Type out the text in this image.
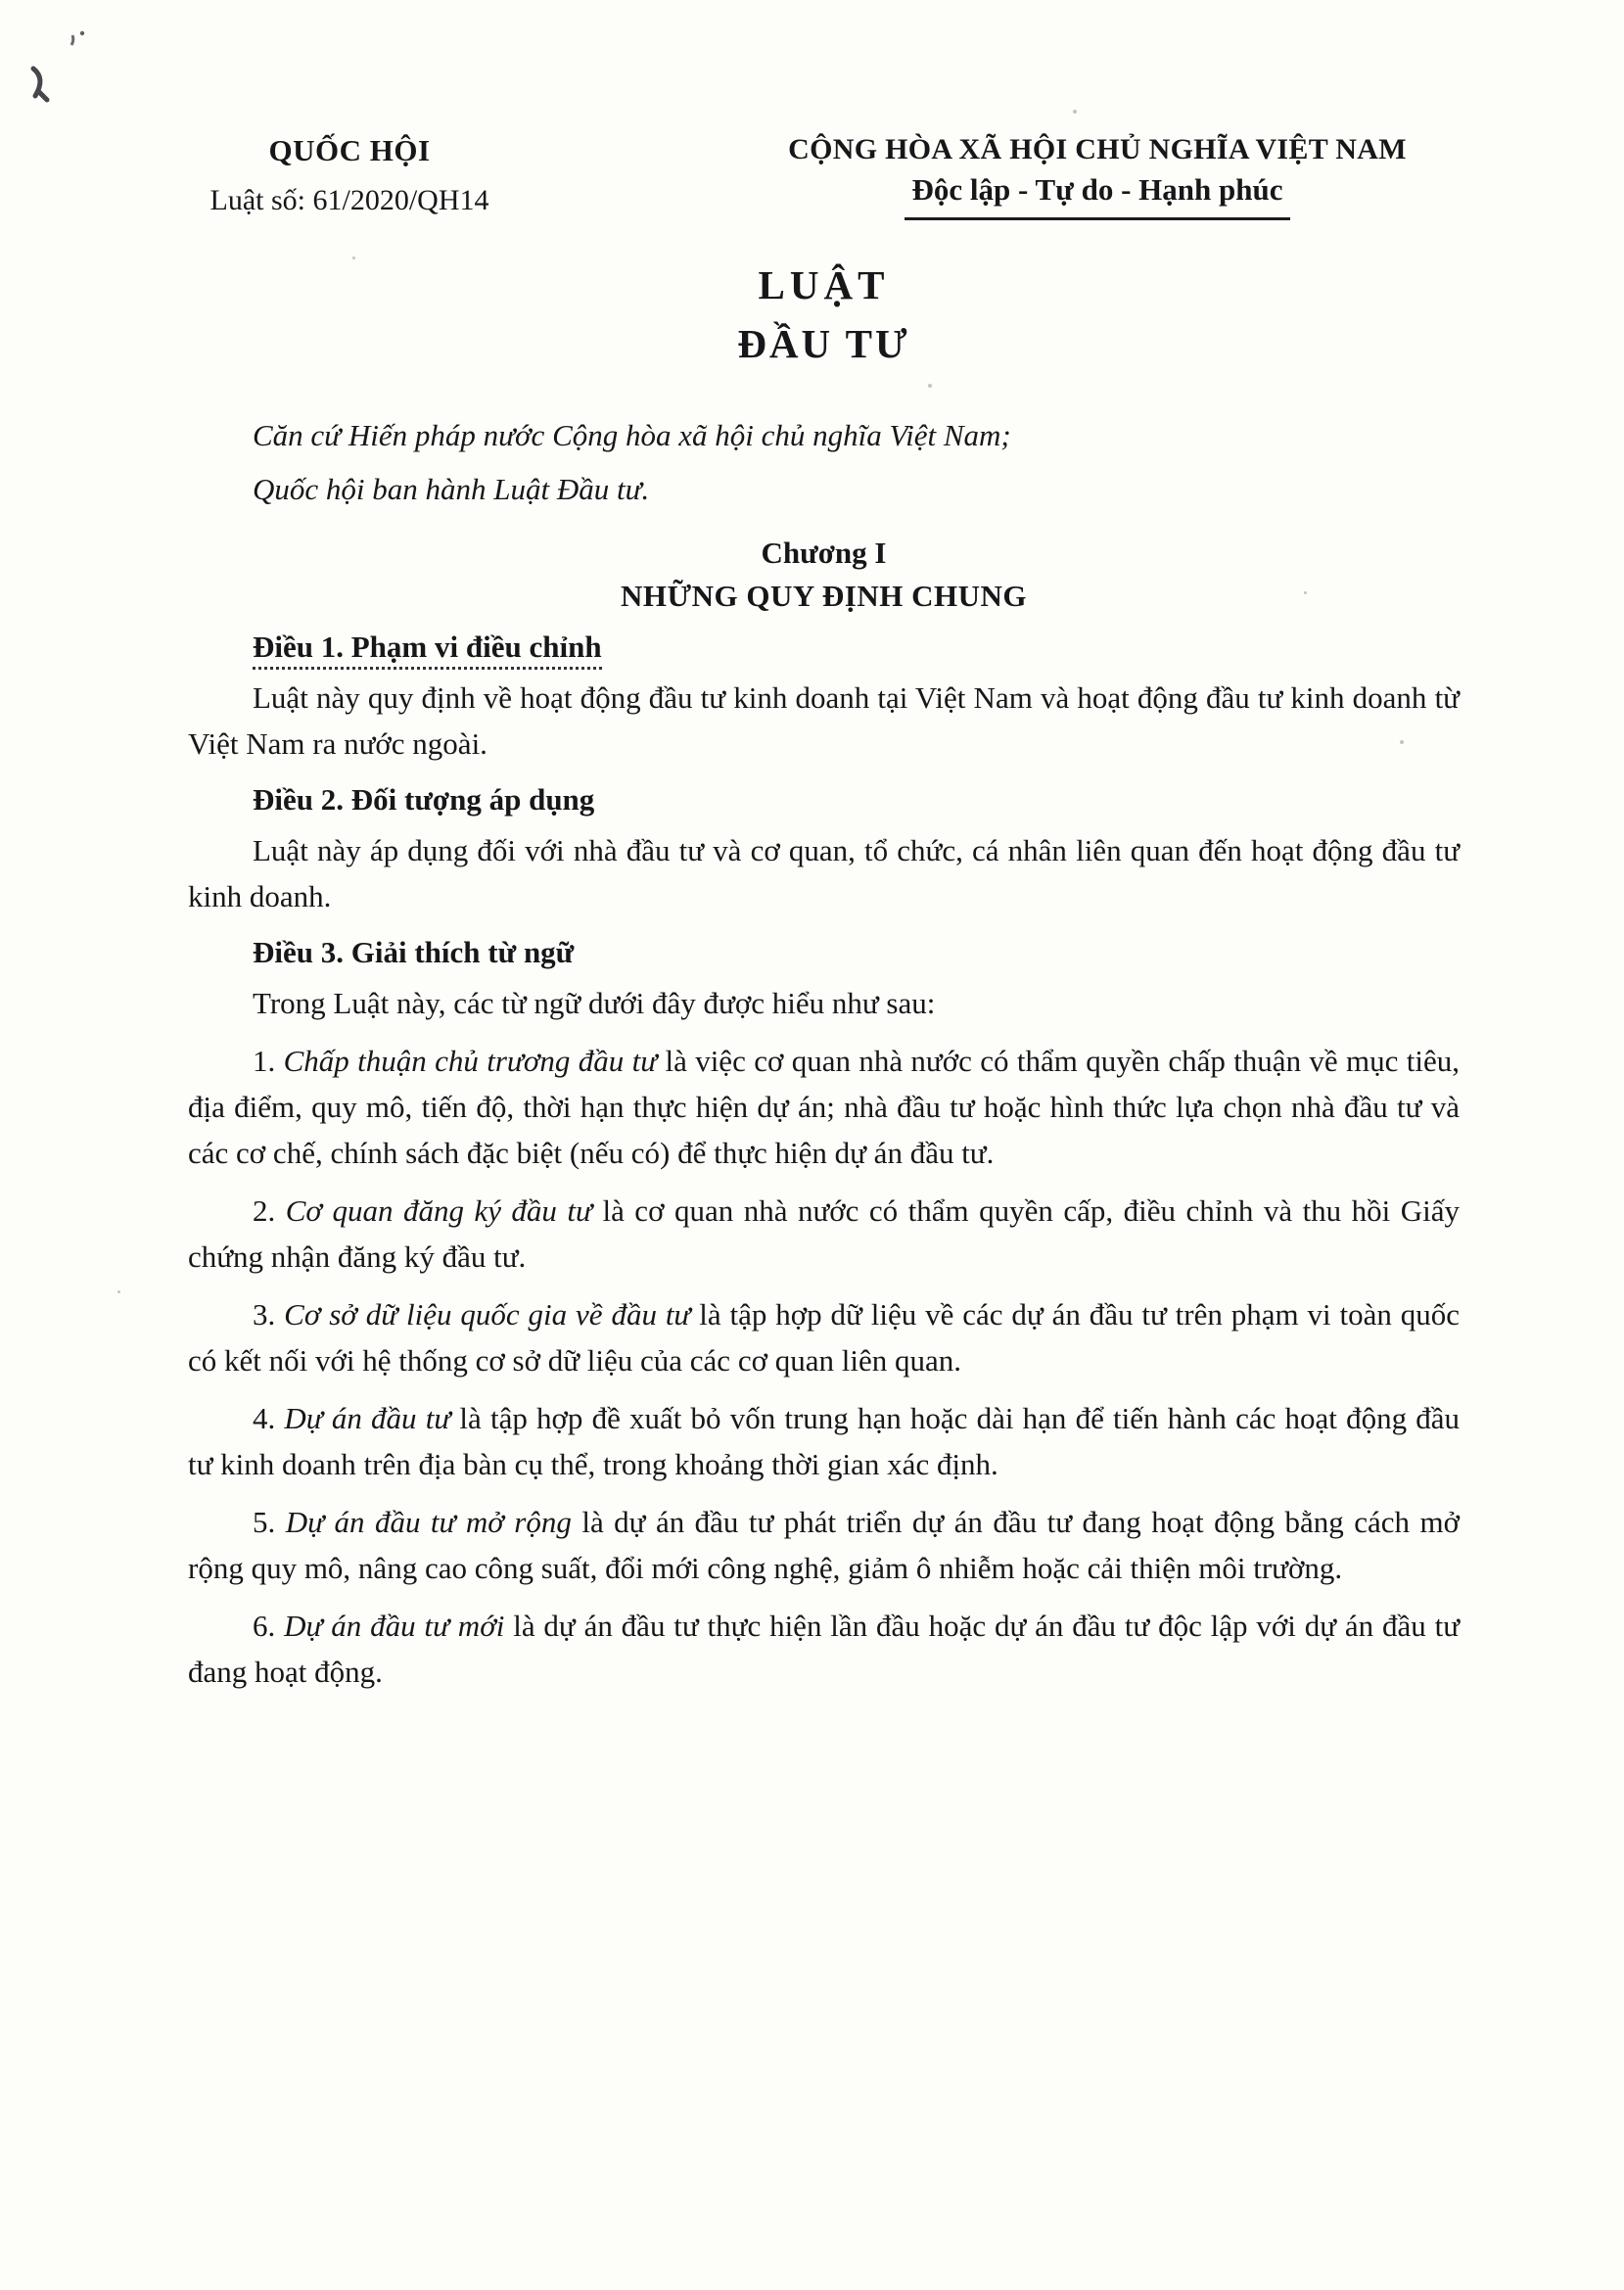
QUỐC HỘI
Luật số: 61/2020/QH14
CỘNG HÒA XÃ HỘI CHỦ NGHĨA VIỆT NAM
Độc lập - Tự do - Hạnh phúc
LUẬT
ĐẦU TƯ

Căn cứ Hiến pháp nước Cộng hòa xã hội chủ nghĩa Việt Nam;

Quốc hội ban hành Luật Đầu tư.

Chương I
NHỮNG QUY ĐỊNH CHUNG
Điều 1. Phạm vi điều chỉnh

Luật này quy định về hoạt động đầu tư kinh doanh tại Việt Nam và hoạt động đầu tư kinh doanh từ Việt Nam ra nước ngoài.

Điều 2. Đối tượng áp dụng

Luật này áp dụng đối với nhà đầu tư và cơ quan, tổ chức, cá nhân liên quan đến hoạt động đầu tư kinh doanh.

Điều 3. Giải thích từ ngữ

Trong Luật này, các từ ngữ dưới đây được hiểu như sau:

1. Chấp thuận chủ trương đầu tư là việc cơ quan nhà nước có thẩm quyền chấp thuận về mục tiêu, địa điểm, quy mô, tiến độ, thời hạn thực hiện dự án; nhà đầu tư hoặc hình thức lựa chọn nhà đầu tư và các cơ chế, chính sách đặc biệt (nếu có) để thực hiện dự án đầu tư.

2. Cơ quan đăng ký đầu tư là cơ quan nhà nước có thẩm quyền cấp, điều chỉnh và thu hồi Giấy chứng nhận đăng ký đầu tư.

3. Cơ sở dữ liệu quốc gia về đầu tư là tập hợp dữ liệu về các dự án đầu tư trên phạm vi toàn quốc có kết nối với hệ thống cơ sở dữ liệu của các cơ quan liên quan.

4. Dự án đầu tư là tập hợp đề xuất bỏ vốn trung hạn hoặc dài hạn để tiến hành các hoạt động đầu tư kinh doanh trên địa bàn cụ thể, trong khoảng thời gian xác định.

5. Dự án đầu tư mở rộng là dự án đầu tư phát triển dự án đầu tư đang hoạt động bằng cách mở rộng quy mô, nâng cao công suất, đổi mới công nghệ, giảm ô nhiễm hoặc cải thiện môi trường.

6. Dự án đầu tư mới là dự án đầu tư thực hiện lần đầu hoặc dự án đầu tư độc lập với dự án đầu tư đang hoạt động.
